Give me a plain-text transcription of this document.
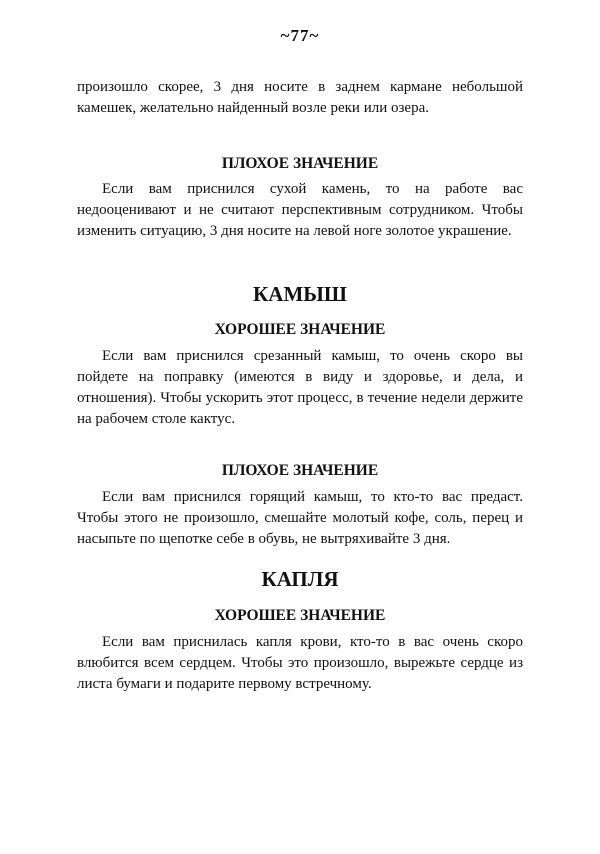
~77~

произошло скорее, 3 дня носите в заднем кармане небольшой камешек, желательно найденный возле реки или озера.

ПЛОХОЕ ЗНАЧЕНИЕ

Если вам приснился сухой камень, то на работе вас недооценивают и не считают перспективным сотрудником. Чтобы изменить ситуацию, 3 дня носите на левой ноге золотое украшение.

КАМЫШ
ХОРОШЕЕ ЗНАЧЕНИЕ

Если вам приснился срезанный камыш, то очень скоро вы пойдете на поправку (имеются в виду и здоровье, и дела, и отношения). Чтобы ускорить этот процесс, в течение недели держите на рабочем столе кактус.

ПЛОХОЕ ЗНАЧЕНИЕ

Если вам приснился горящий камыш, то кто-то вас предаст. Чтобы этого не произошло, смешайте молотый кофе, соль, перец и насыпьте по щепотке себе в обувь, не вытряхивайте 3 дня.

КАПЛЯ
ХОРОШЕЕ ЗНАЧЕНИЕ

Если вам приснилась капля крови, кто-то в вас очень скоро влюбится всем сердцем. Чтобы это произошло, вырежьте сердце из листа бумаги и подарите первому встречному.
